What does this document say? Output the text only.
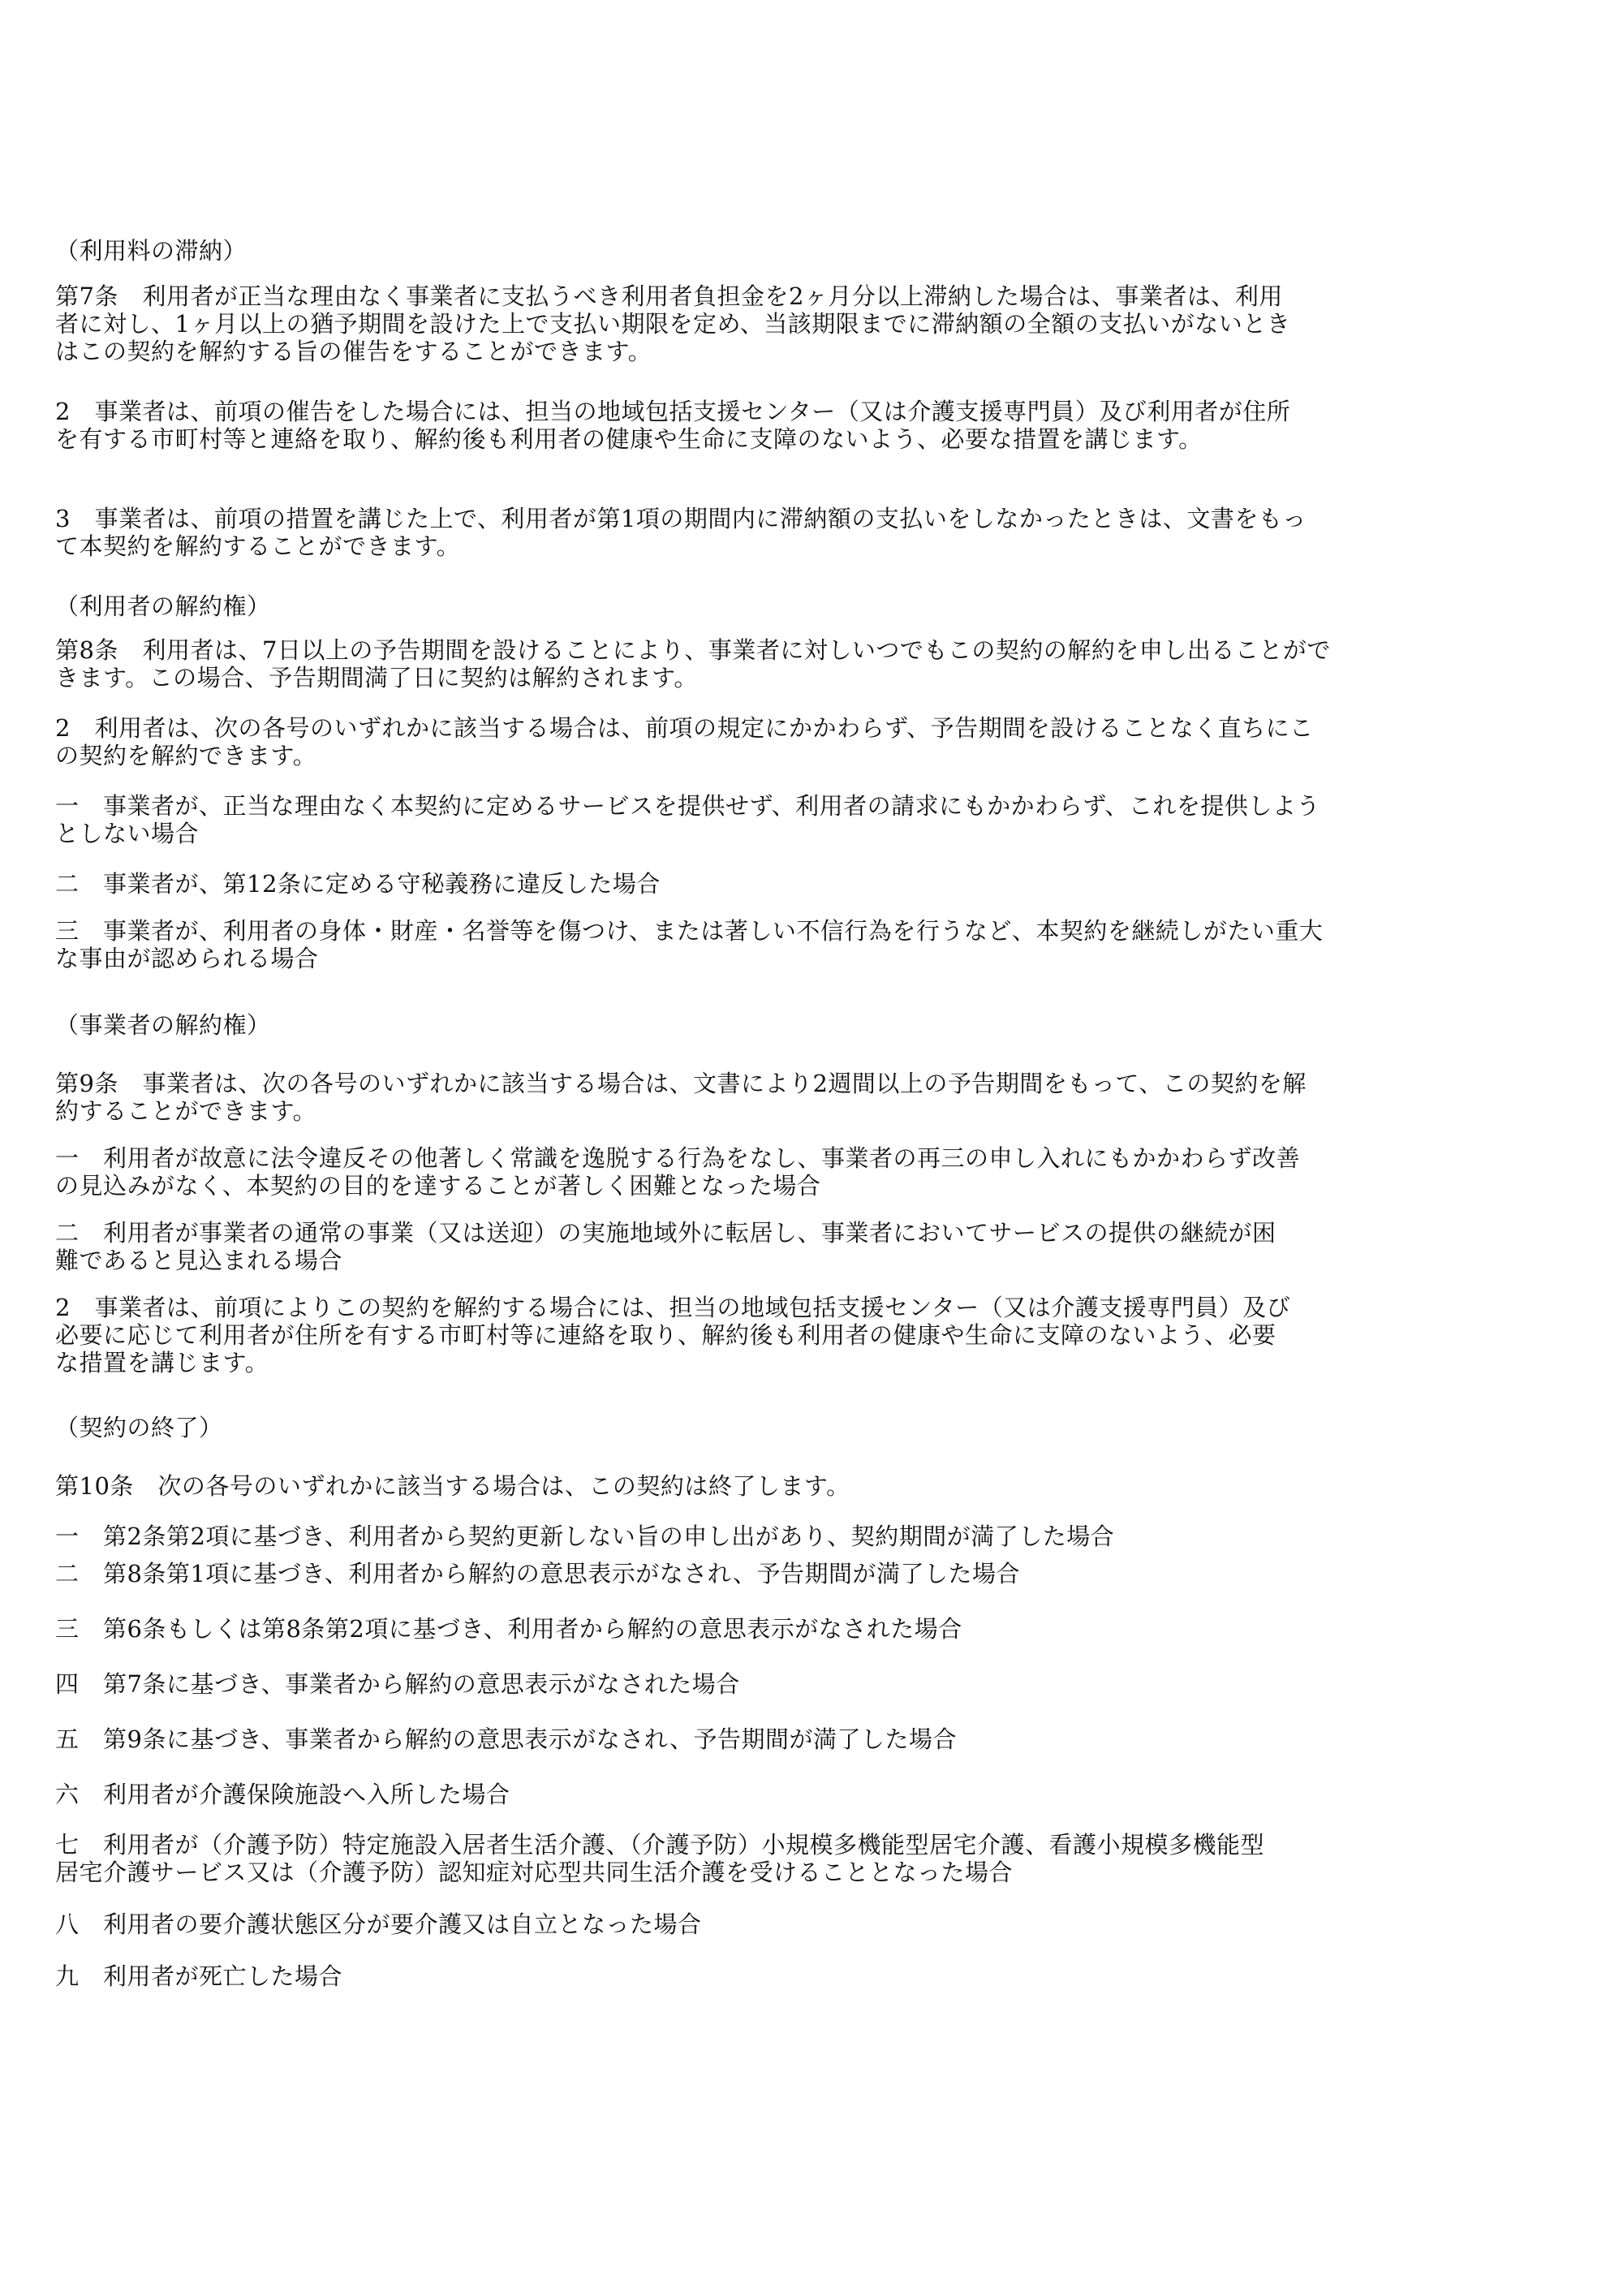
（利用料の滞納）

第7条　利用者が正当な理由なく事業者に支払うべき利用者負担金を2ヶ月分以上滞納した場合は、事業者は、利用

者に対し、1ヶ月以上の猶予期間を設けた上で支払い期限を定め、当該期限までに滞納額の全額の支払いがないとき

はこの契約を解約する旨の催告をすることができます。

2　事業者は、前項の催告をした場合には、担当の地域包括支援センター（又は介護支援専門員）及び利用者が住所

を有する市町村等と連絡を取り、解約後も利用者の健康や生命に支障のないよう、必要な措置を講じます。

3　事業者は、前項の措置を講じた上で、利用者が第1項の期間内に滞納額の支払いをしなかったときは、文書をもっ

て本契約を解約することができます。

（利用者の解約権）

第8条　利用者は、7日以上の予告期間を設けることにより、事業者に対しいつでもこの契約の解約を申し出ることがで

きます。この場合、予告期間満了日に契約は解約されます。

2　利用者は、次の各号のいずれかに該当する場合は、前項の規定にかかわらず、予告期間を設けることなく直ちにこ

の契約を解約できます。

一　事業者が、正当な理由なく本契約に定めるサービスを提供せず、利用者の請求にもかかわらず、これを提供しよう

としない場合

二　事業者が、第12条に定める守秘義務に違反した場合

三　事業者が、利用者の身体・財産・名誉等を傷つけ、または著しい不信行為を行うなど、本契約を継続しがたい重大

な事由が認められる場合

（事業者の解約権）

第9条　事業者は、次の各号のいずれかに該当する場合は、文書により2週間以上の予告期間をもって、この契約を解

約することができます。

一　利用者が故意に法令違反その他著しく常識を逸脱する行為をなし、事業者の再三の申し入れにもかかわらず改善

の見込みがなく、本契約の目的を達することが著しく困難となった場合

二　利用者が事業者の通常の事業（又は送迎）の実施地域外に転居し、事業者においてサービスの提供の継続が困

難であると見込まれる場合

2　事業者は、前項によりこの契約を解約する場合には、担当の地域包括支援センター（又は介護支援専門員）及び

必要に応じて利用者が住所を有する市町村等に連絡を取り、解約後も利用者の健康や生命に支障のないよう、必要

な措置を講じます。

（契約の終了）

第10条　次の各号のいずれかに該当する場合は、この契約は終了します。

一　第2条第2項に基づき、利用者から契約更新しない旨の申し出があり、契約期間が満了した場合

二　第8条第1項に基づき、利用者から解約の意思表示がなされ、予告期間が満了した場合

三　第6条もしくは第8条第2項に基づき、利用者から解約の意思表示がなされた場合

四　第7条に基づき、事業者から解約の意思表示がなされた場合

五　第9条に基づき、事業者から解約の意思表示がなされ、予告期間が満了した場合

六　利用者が介護保険施設へ入所した場合

七　利用者が（介護予防）特定施設入居者生活介護、（介護予防）小規模多機能型居宅介護、看護小規模多機能型

居宅介護サービス又は（介護予防）認知症対応型共同生活介護を受けることとなった場合

八　利用者の要介護状態区分が要介護又は自立となった場合

九　利用者が死亡した場合
